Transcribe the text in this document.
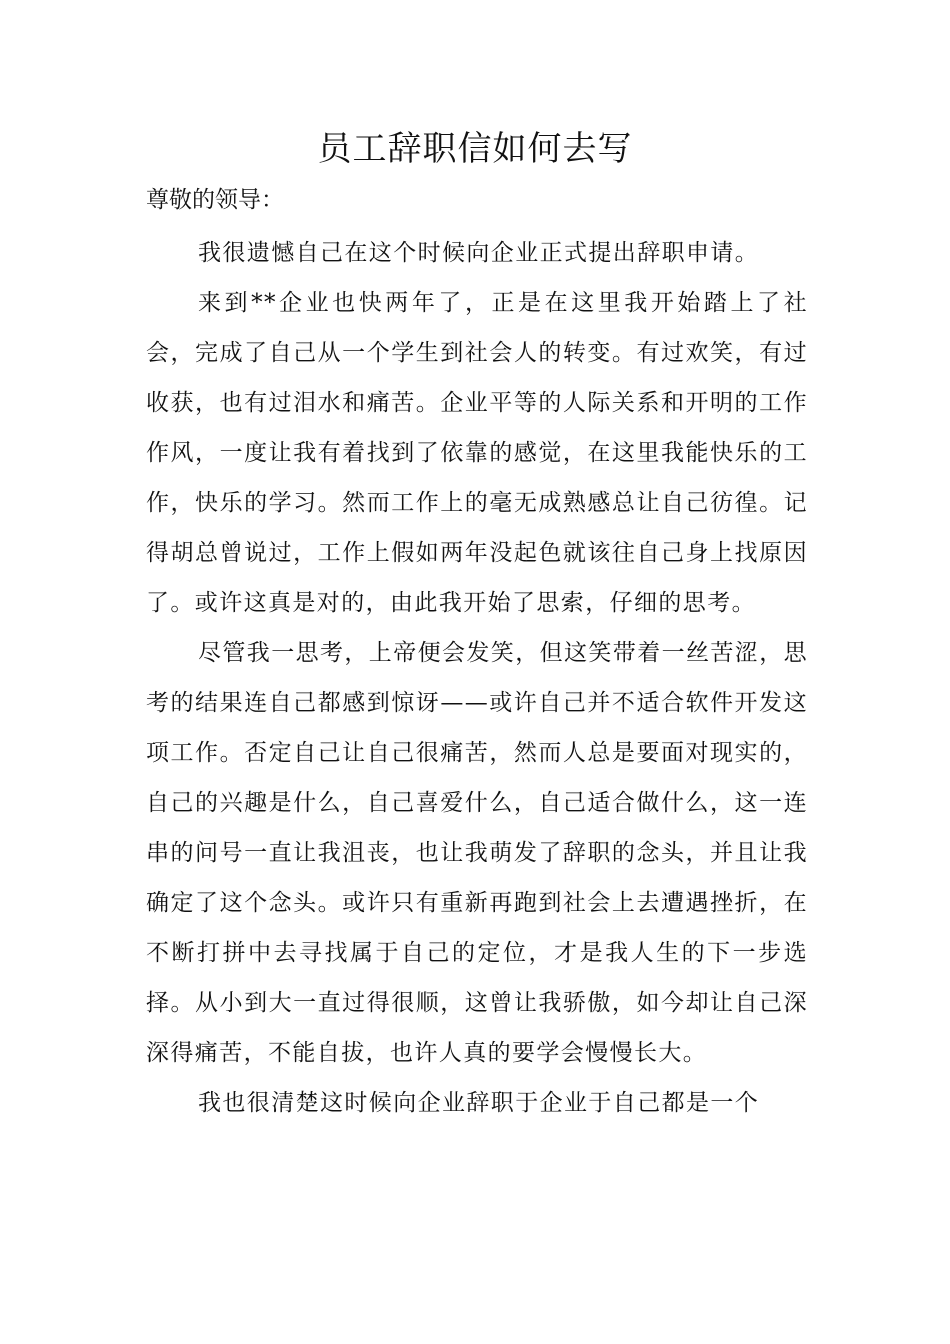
员工辞职信如何去写

尊敬的领导：

我很遗憾自己在这个时候向企业正式提出辞职申请。

来到**企业也快两年了，正是在这里我开始踏上了社会，完成了自己从一个学生到社会人的转变。有过欢笑，有过收获，也有过泪水和痛苦。企业平等的人际关系和开明的工作作风，一度让我有着找到了依靠的感觉，在这里我能快乐的工作，快乐的学习。然而工作上的毫无成熟感总让自己彷徨。记得胡总曾说过，工作上假如两年没起色就该往自己身上找原因了。或许这真是对的，由此我开始了思索，仔细的思考。

尽管我一思考，上帝便会发笑，但这笑带着一丝苦涩，思考的结果连自己都感到惊讶——或许自己并不适合软件开发这项工作。否定自己让自己很痛苦，然而人总是要面对现实的，自己的兴趣是什么，自己喜爱什么，自己适合做什么，这一连串的问号一直让我沮丧，也让我萌发了辞职的念头，并且让我确定了这个念头。或许只有重新再跑到社会上去遭遇挫折，在不断打拼中去寻找属于自己的定位，才是我人生的下一步选择。从小到大一直过得很顺，这曾让我骄傲，如今却让自己深深得痛苦，不能自拔，也许人真的要学会慢慢长大。

我也很清楚这时候向企业辞职于企业于自己都是一个
